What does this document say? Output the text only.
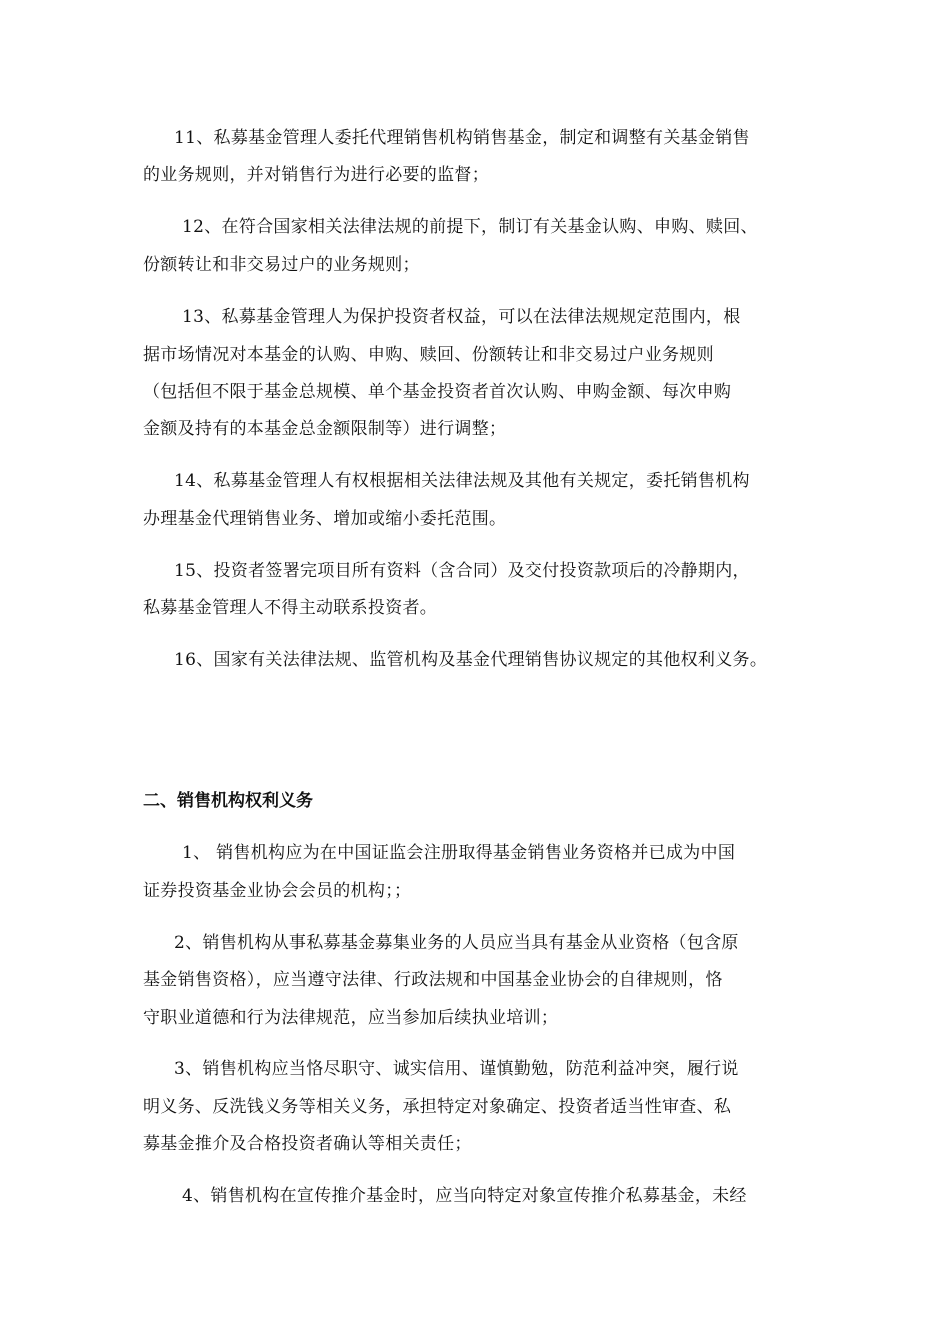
11、私募基金管理人委托代理销售机构销售基金，制定和调整有关基金销售
的业务规则，并对销售行为进行必要的监督；
12、在符合国家相关法律法规的前提下，制订有关基金认购、申购、赎回、
份额转让和非交易过户的业务规则；
13、私募基金管理人为保护投资者权益，可以在法律法规规定范围内，根
据市场情况对本基金的认购、申购、赎回、份额转让和非交易过户业务规则
（包括但不限于基金总规模、单个基金投资者首次认购、申购金额、每次申购
金额及持有的本基金总金额限制等）进行调整；
14、私募基金管理人有权根据相关法律法规及其他有关规定，委托销售机构
办理基金代理销售业务、增加或缩小委托范围。
15、投资者签署完项目所有资料（含合同）及交付投资款项后的冷静期内，
私募基金管理人不得主动联系投资者。
16、国家有关法律法规、监管机构及基金代理销售协议规定的其他权利义务。
二、销售机构权利义务
1、 销售机构应为在中国证监会注册取得基金销售业务资格并已成为中国
证券投资基金业协会会员的机构；；
2、销售机构从事私募基金募集业务的人员应当具有基金从业资格（包含原
基金销售资格），应当遵守法律、行政法规和中国基金业协会的自律规则，恪
守职业道德和行为法律规范，应当参加后续执业培训；
3、销售机构应当恪尽职守、诚实信用、谨慎勤勉，防范利益冲突，履行说
明义务、反洗钱义务等相关义务，承担特定对象确定、投资者适当性审查、私
募基金推介及合格投资者确认等相关责任；
4、销售机构在宣传推介基金时，应当向特定对象宣传推介私募基金，未经
